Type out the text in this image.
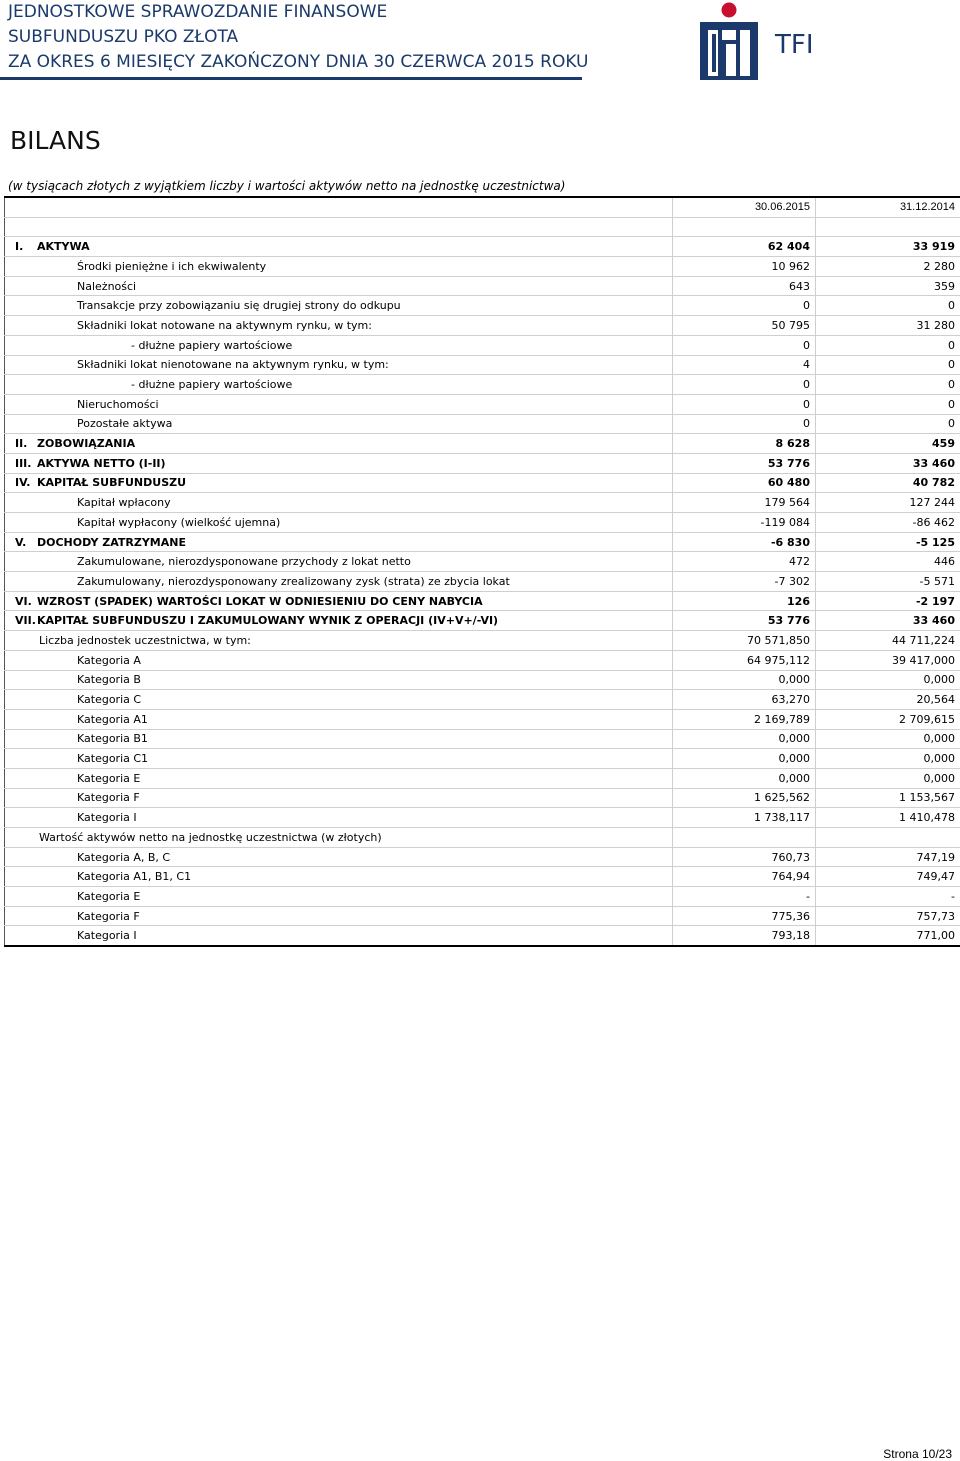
JEDNOSTKOWE SPRAWOZDANIE FINANSOWE
SUBFUNDUSZU PKO ZŁOTA
ZA OKRES 6 MIESIĘCY ZAKOŃCZONY DNIA 30 CZERWCA 2015 ROKU
TFI
BILANS
(w tysiącach złotych z wyjątkiem liczby i wartości aktywów netto na jednostkę uczestnictwa)
	30.06.2015	31.12.2014

I. AKTYWA	62 404	33 919
Środki pieniężne i ich ekwiwalenty	10 962	2 280
Należności	643	359
Transakcje przy zobowiązaniu się drugiej strony do odkupu	0	0
Składniki lokat notowane na aktywnym rynku, w tym:	50 795	31 280
- dłużne papiery wartościowe	0	0
Składniki lokat nienotowane na aktywnym rynku, w tym:	4	0
- dłużne papiery wartościowe	0	0
Nieruchomości	0	0
Pozostałe aktywa	0	0
II. ZOBOWIĄZANIA	8 628	459
III. AKTYWA NETTO (I-II)	53 776	33 460
IV. KAPITAŁ SUBFUNDUSZU	60 480	40 782
Kapitał wpłacony	179 564	127 244
Kapitał wypłacony (wielkość ujemna)	-119 084	-86 462
V. DOCHODY ZATRZYMANE	-6 830	-5 125
Zakumulowane, nierozdysponowane przychody z lokat netto	472	446
Zakumulowany, nierozdysponowany zrealizowany zysk (strata) ze zbycia lokat	-7 302	-5 571
VI. WZROST (SPADEK) WARTOŚCI LOKAT W ODNIESIENIU DO CENY NABYCIA	126	-2 197
VII.KAPITAŁ SUBFUNDUSZU I ZAKUMULOWANY WYNIK Z OPERACJI (IV+V+/-VI)	53 776	33 460
Liczba jednostek uczestnictwa, w tym:	70 571,850	44 711,224
Kategoria A	64 975,112	39 417,000
Kategoria B	0,000	0,000
Kategoria C	63,270	20,564
Kategoria A1	2 169,789	2 709,615
Kategoria B1	0,000	0,000
Kategoria C1	0,000	0,000
Kategoria E	0,000	0,000
Kategoria F	1 625,562	1 153,567
Kategoria I	1 738,117	1 410,478
Wartość aktywów netto na jednostkę uczestnictwa (w złotych)		
Kategoria A, B, C	760,73	747,19
Kategoria A1, B1, C1	764,94	749,47
Kategoria E	-	-
Kategoria F	775,36	757,73
Kategoria I	793,18	771,00
Strona 10/23
